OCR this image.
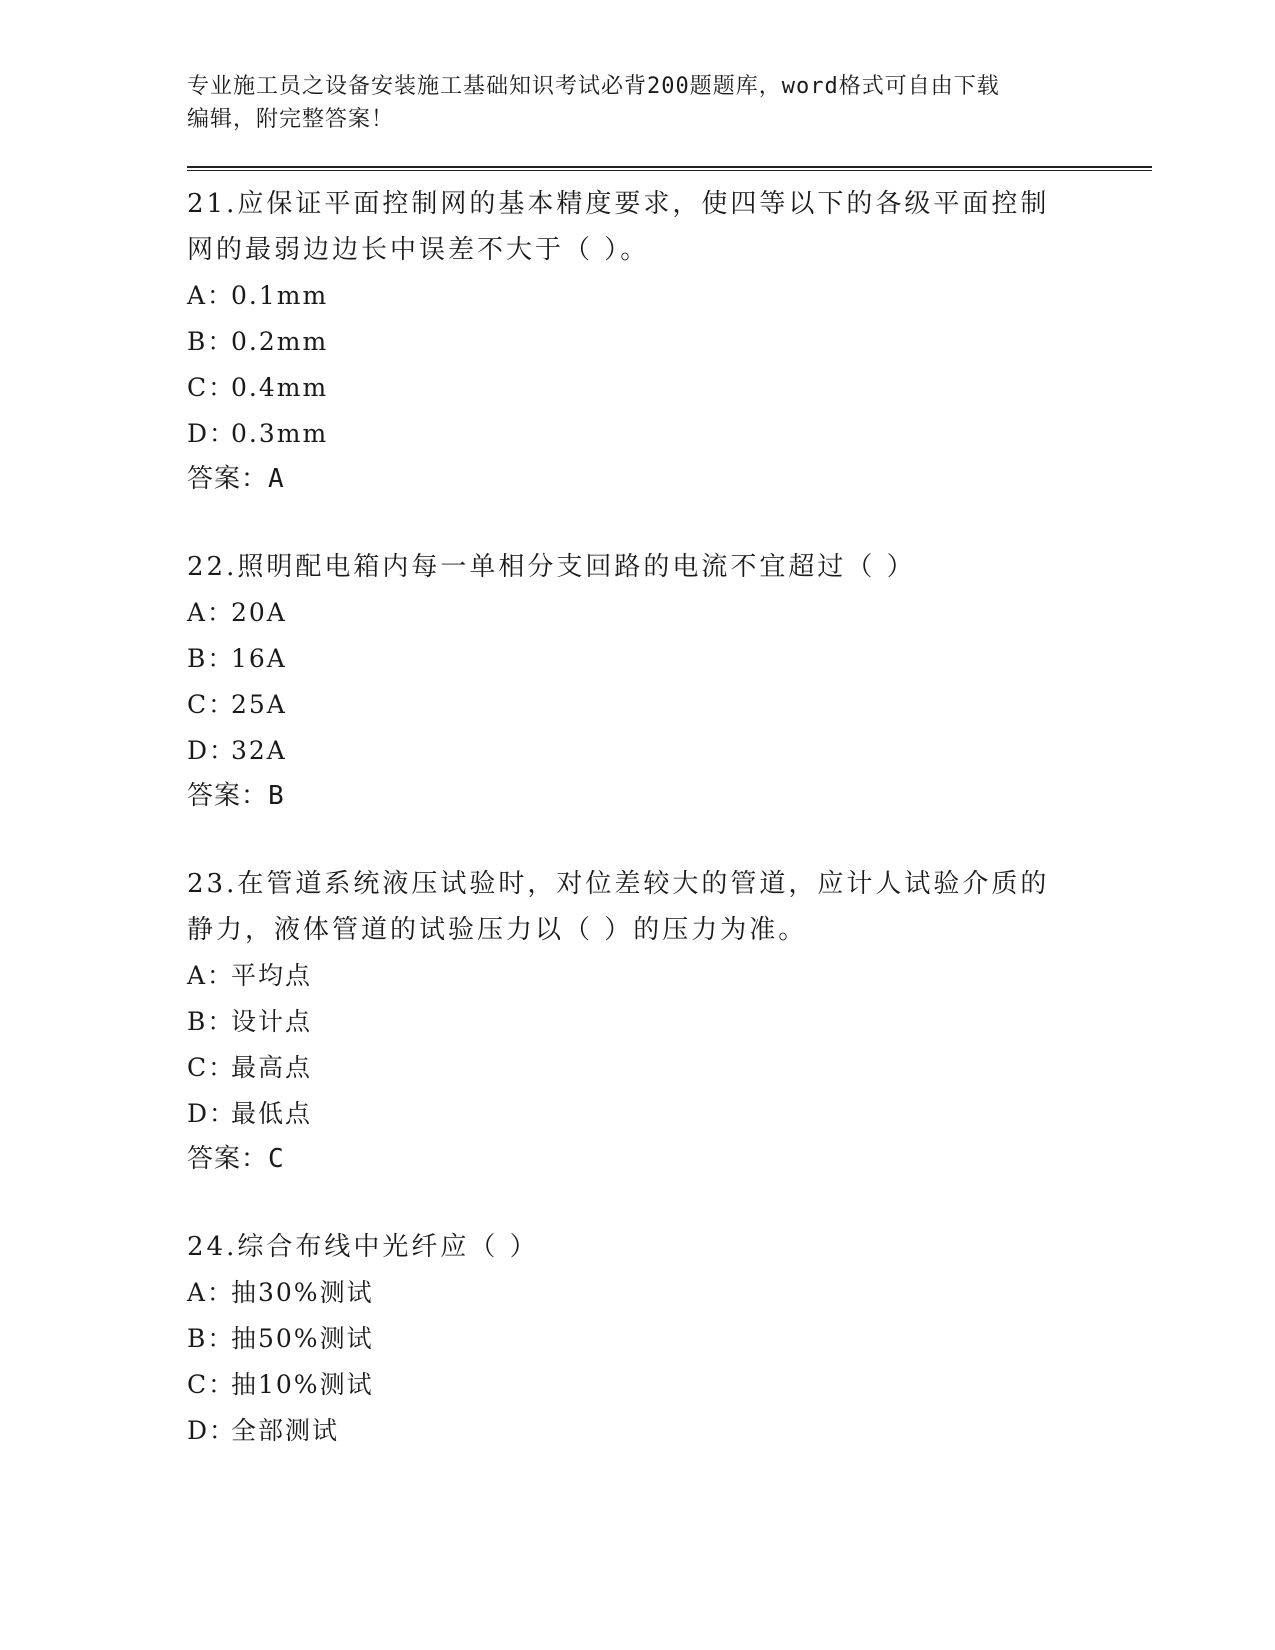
专业施工员之设备安装施工基础知识考试必背200题题库，word格式可自由下载
编辑，附完整答案！

21.应保证平面控制网的基本精度要求，使四等以下的各级平面控制网的最弱边边长中误差不大于（ ）。

A：0.1mm

B：0.2mm

C：0.4mm

D：0.3mm

答案：A

22.照明配电箱内每一单相分支回路的电流不宜超过（ ）

A：20A

B：16A

C：25A

D：32A

答案：B

23.在管道系统液压试验时，对位差较大的管道，应计人试验介质的静力，液体管道的试验压力以（ ）的压力为准。

A：平均点

B：设计点

C：最高点

D：最低点

答案：C

24.综合布线中光纤应（ ）

A：抽30%测试

B：抽50%测试

C：抽10%测试

D：全部测试
